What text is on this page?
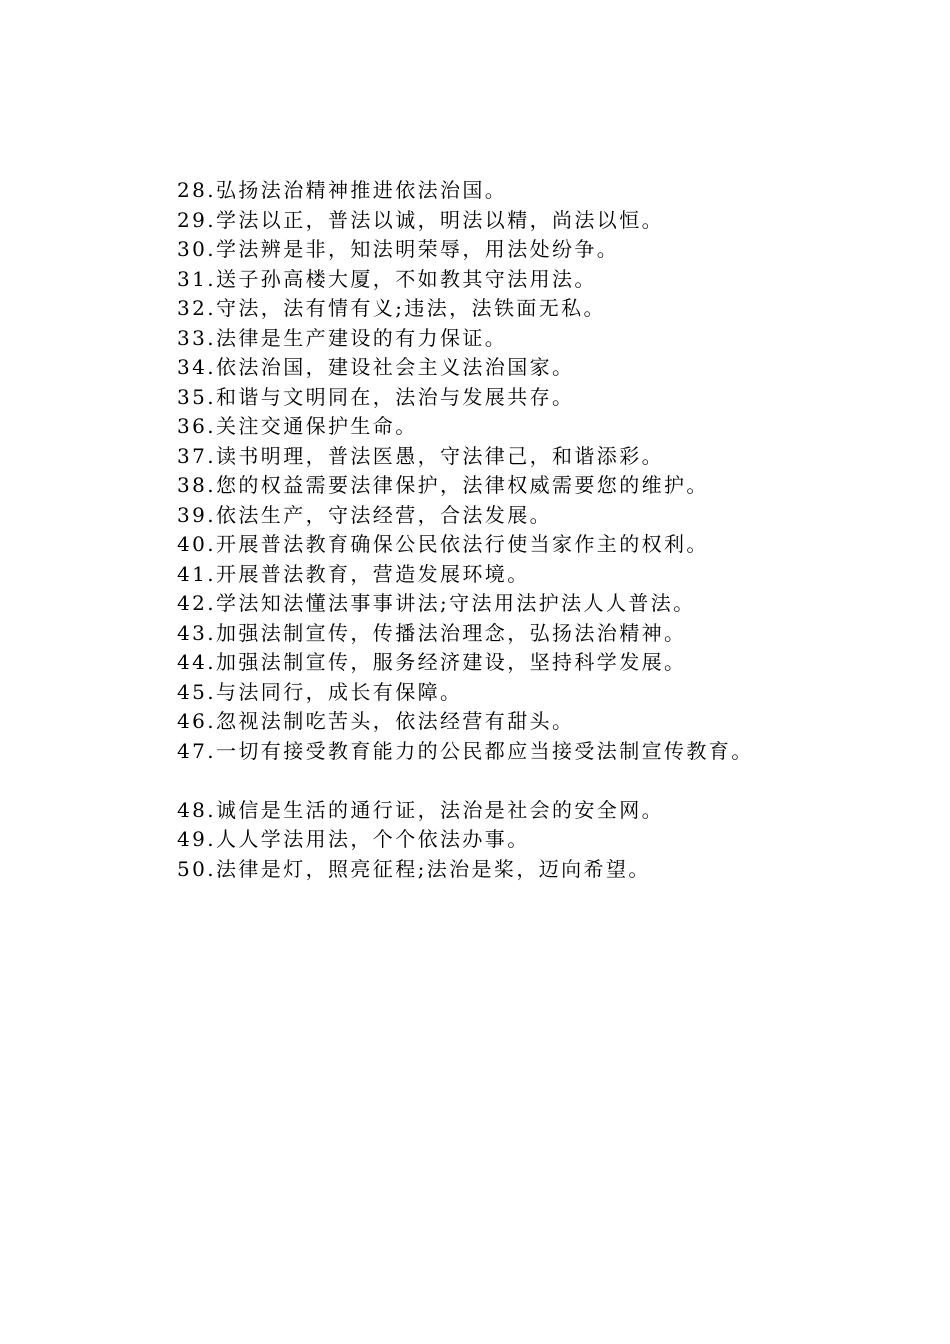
28.弘扬法治精神推进依法治国。
29.学法以正，普法以诚，明法以精，尚法以恒。
30.学法辨是非，知法明荣辱，用法处纷争。
31.送子孙高楼大厦，不如教其守法用法。
32.守法，法有情有义;违法，法铁面无私。
33.法律是生产建设的有力保证。
34.依法治国，建设社会主义法治国家。
35.和谐与文明同在，法治与发展共存。
36.关注交通保护生命。
37.读书明理，普法医愚，守法律己，和谐添彩。
38.您的权益需要法律保护，法律权威需要您的维护。
39.依法生产，守法经营，合法发展。
40.开展普法教育确保公民依法行使当家作主的权利。
41.开展普法教育，营造发展环境。
42.学法知法懂法事事讲法;守法用法护法人人普法。
43.加强法制宣传，传播法治理念，弘扬法治精神。
44.加强法制宣传，服务经济建设，坚持科学发展。
45.与法同行，成长有保障。
46.忽视法制吃苦头，依法经营有甜头。
47.一切有接受教育能力的公民都应当接受法制宣传教育。
48.诚信是生活的通行证，法治是社会的安全网。
49.人人学法用法，个个依法办事。
50.法律是灯，照亮征程;法治是桨，迈向希望。
